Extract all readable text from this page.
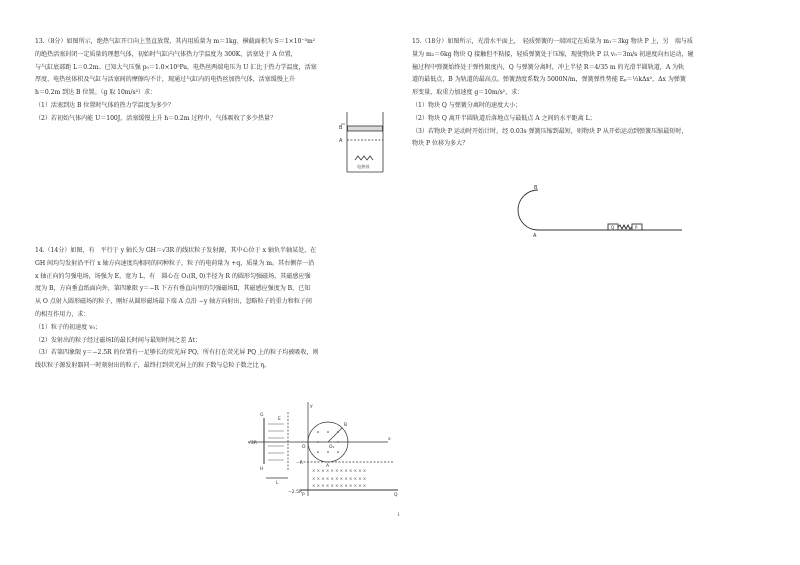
13.（8分）如图所示，绝热气缸开口向上竖直放置，其内用质量为 m＝1kg、横截面积为 S＝1×10⁻³m²

的绝热活塞封闭一定质量的理想气体，初始时气缸内气体热力学温度为 300K，活塞处于 A 位置，

与气缸底部距 L＝0.2m。已知大气压强 p₀＝1.0×10⁵Pa，电热丝两端电压为 U 汇比于热力学温度，活塞

厚度、电热丝体积及气缸与活塞间的摩擦均不计，现通过气缸内的电热丝加热气体，活塞缓慢上升

h＝0.2m 到达 B 位置。（g 取 10m/s²）求：

（1）活塞到达 B 位置时气体的热力学温度为多少？

（2）若初始气体内能 U＝100J，活塞缓慢上升 h＝0.2m 过程中，气体吸收了多少热量？

B
A
电热丝

15.（18分）如图所示，光滑水平面上，　轻质弹簧的一端固定在质量为 m₁＝3kg 物块 P 上，另　端与质

量为 m₂＝6kg 物块 Q 接触但不粘接，轻质弹簧处于压缩，现使物块 P 以 v₀＝3m/s 初速度向右运动，碰

撞过程中弹簧始终处于弹性限度内，Q 与弹簧分离时，冲上半径 R＝4/35 m 的光滑半圆轨道，A 为轨

道的最低点，B 为轨道的最高点。弹簧劲度系数为 5000N/m，弹簧弹性势能 Eₚ＝½kΔx²，Δx 为弹簧

形变量，取重力加速度 g＝10m/s²，求：

（1）物块 Q 与弹簧分离时的速度大小；

（2）物块 Q 离开半圆轨道后落地点与最低点 A 之间的水平距离 L；

（3）若物块 P 运动时开始计时，经 0.03s 弹簧压缩到最短，则物块 P 从开始运动到弹簧压缩最短时，

物块 P 位移为多大？

B
A
Q	P

14.（14分）如图，有　平行于 y 轴长为 GH＝√3R 的线状粒子发射源，其中心位于 x 轴负半轴某处，在

GH 间均匀发射沿平行 x 轴方向速度均相同的同种粒子，粒子的电荷量为 +q、质量为 m。其右侧存一沿

x 轴正向的匀强电场，场强为 E，宽为 L，有　圆心在 O₁(R, 0)半径为 R 的圆形匀强磁场，其磁感应强

度为 B，方向垂直纸面向外，第四象限 y＝−R 下方有垂直向里的匀强磁场Ⅱ，其磁感应强度为 B，已知

从 O 点射入圆形磁场的粒子，刚好从圆形磁场最下端 A 点沿 −y 轴方向射出，忽略粒子的重力和粒子间

的相互作用力，求：

（1）粒子的初速度 v₀；

（2）发射出的粒子经过磁场Ⅰ的最长时间与最短时间之差 Δt；

（3）若第四象限 y＝−2.5R 的位置有一足够长的荧光屏 PQ，所有打在荧光屏 PQ 上的粒子均被吸收，则

线状粒子源发射器同一时刻射出的粒子，最终打到荧光屏上的粒子数与总粒子数之比 η。

× × × × × × × × × × × ×
× × × × × × × × × × × ×
× × × × × × × × × × × ×
G
H
√3R
E
L
y
x
O	O₁
A
B
−R
−2.5R
P	Q
1
